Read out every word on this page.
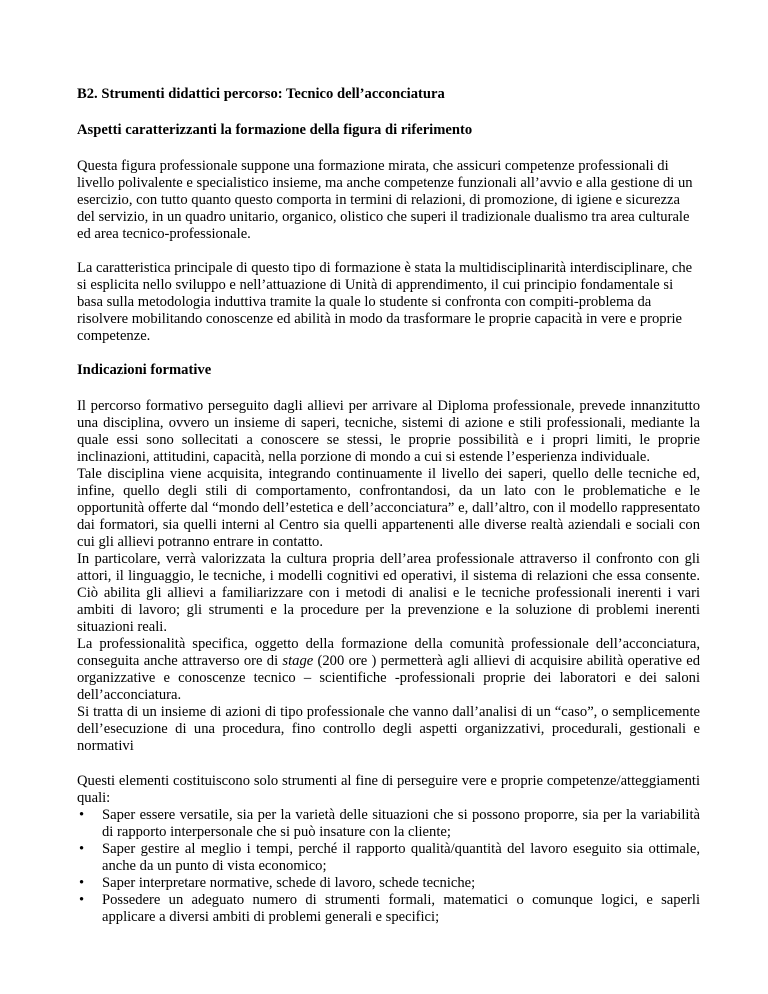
B2. Strumenti didattici percorso: Tecnico dell’acconciatura

Aspetti caratterizzanti la formazione della figura di riferimento

Questa figura professionale suppone una formazione mirata, che assicuri competenze professionali di livello polivalente e specialistico insieme, ma anche competenze funzionali all’avvio e alla gestione di un esercizio, con tutto quanto questo comporta in termini di relazioni, di promozione, di igiene e sicurezza del servizio, in un quadro unitario, organico, olistico che superi il tradizionale dualismo tra area culturale ed area tecnico-professionale.

La caratteristica principale di questo tipo di formazione è stata la multidisciplinarità interdisciplinare, che si esplicita nello sviluppo e nell’attuazione di Unità di apprendimento, il cui principio fondamentale si basa sulla metodologia induttiva tramite la quale lo studente si confronta con compiti-problema da risolvere mobilitando conoscenze ed abilità in modo da trasformare le proprie capacità in vere e proprie competenze.

Indicazioni formative

Il percorso formativo perseguito dagli allievi per arrivare al Diploma professionale, prevede innanzitutto una disciplina, ovvero un insieme di saperi, tecniche, sistemi di azione e stili professionali, mediante la quale essi sono sollecitati a conoscere se stessi, le proprie possibilità e i propri limiti, le proprie inclinazioni, attitudini, capacità, nella porzione di mondo a cui si estende l’esperienza individuale.

Tale disciplina viene acquisita, integrando continuamente il livello dei saperi, quello delle tecniche ed, infine, quello degli stili di comportamento, confrontandosi, da un lato con le problematiche e le opportunità offerte dal “mondo dell’estetica e dell’acconciatura” e, dall’altro, con il modello rappresentato dai formatori, sia quelli interni al Centro sia quelli appartenenti alle diverse realtà aziendali e sociali con cui gli allievi potranno entrare in contatto.

In particolare, verrà valorizzata la cultura propria dell’area professionale attraverso il confronto con gli attori, il linguaggio, le tecniche, i modelli cognitivi ed operativi, il sistema di relazioni che essa consente. Ciò abilita gli allievi a familiarizzare con i metodi di analisi e le tecniche professionali inerenti i vari ambiti di lavoro; gli strumenti e la procedure per la prevenzione e la soluzione di problemi inerenti situazioni reali.

La professionalità specifica, oggetto della formazione della comunità professionale dell’acconciatura, conseguita anche attraverso ore di stage (200 ore ) permetterà agli allievi di acquisire abilità operative ed organizzative e conoscenze tecnico – scientifiche -professionali proprie dei laboratori e dei saloni dell’acconciatura.

Si tratta di un insieme di azioni di tipo professionale che vanno dall’analisi di un “caso”, o semplicemente dell’esecuzione di una procedura, fino controllo degli aspetti organizzativi, procedurali, gestionali e normativi

Questi elementi costituiscono solo strumenti al fine di perseguire vere e proprie competenze/atteggiamenti quali:

• Saper essere versatile, sia per la varietà delle situazioni che si possono proporre, sia per la variabilità di rapporto interpersonale che si può insature con la cliente;
• Saper gestire al meglio i tempi, perché il rapporto qualità/quantità del lavoro eseguito sia ottimale, anche da un punto di vista economico;
• Saper interpretare normative, schede di lavoro, schede tecniche;
• Possedere un adeguato numero di strumenti formali, matematici o comunque logici, e saperli applicare a diversi ambiti di problemi generali e specifici;
